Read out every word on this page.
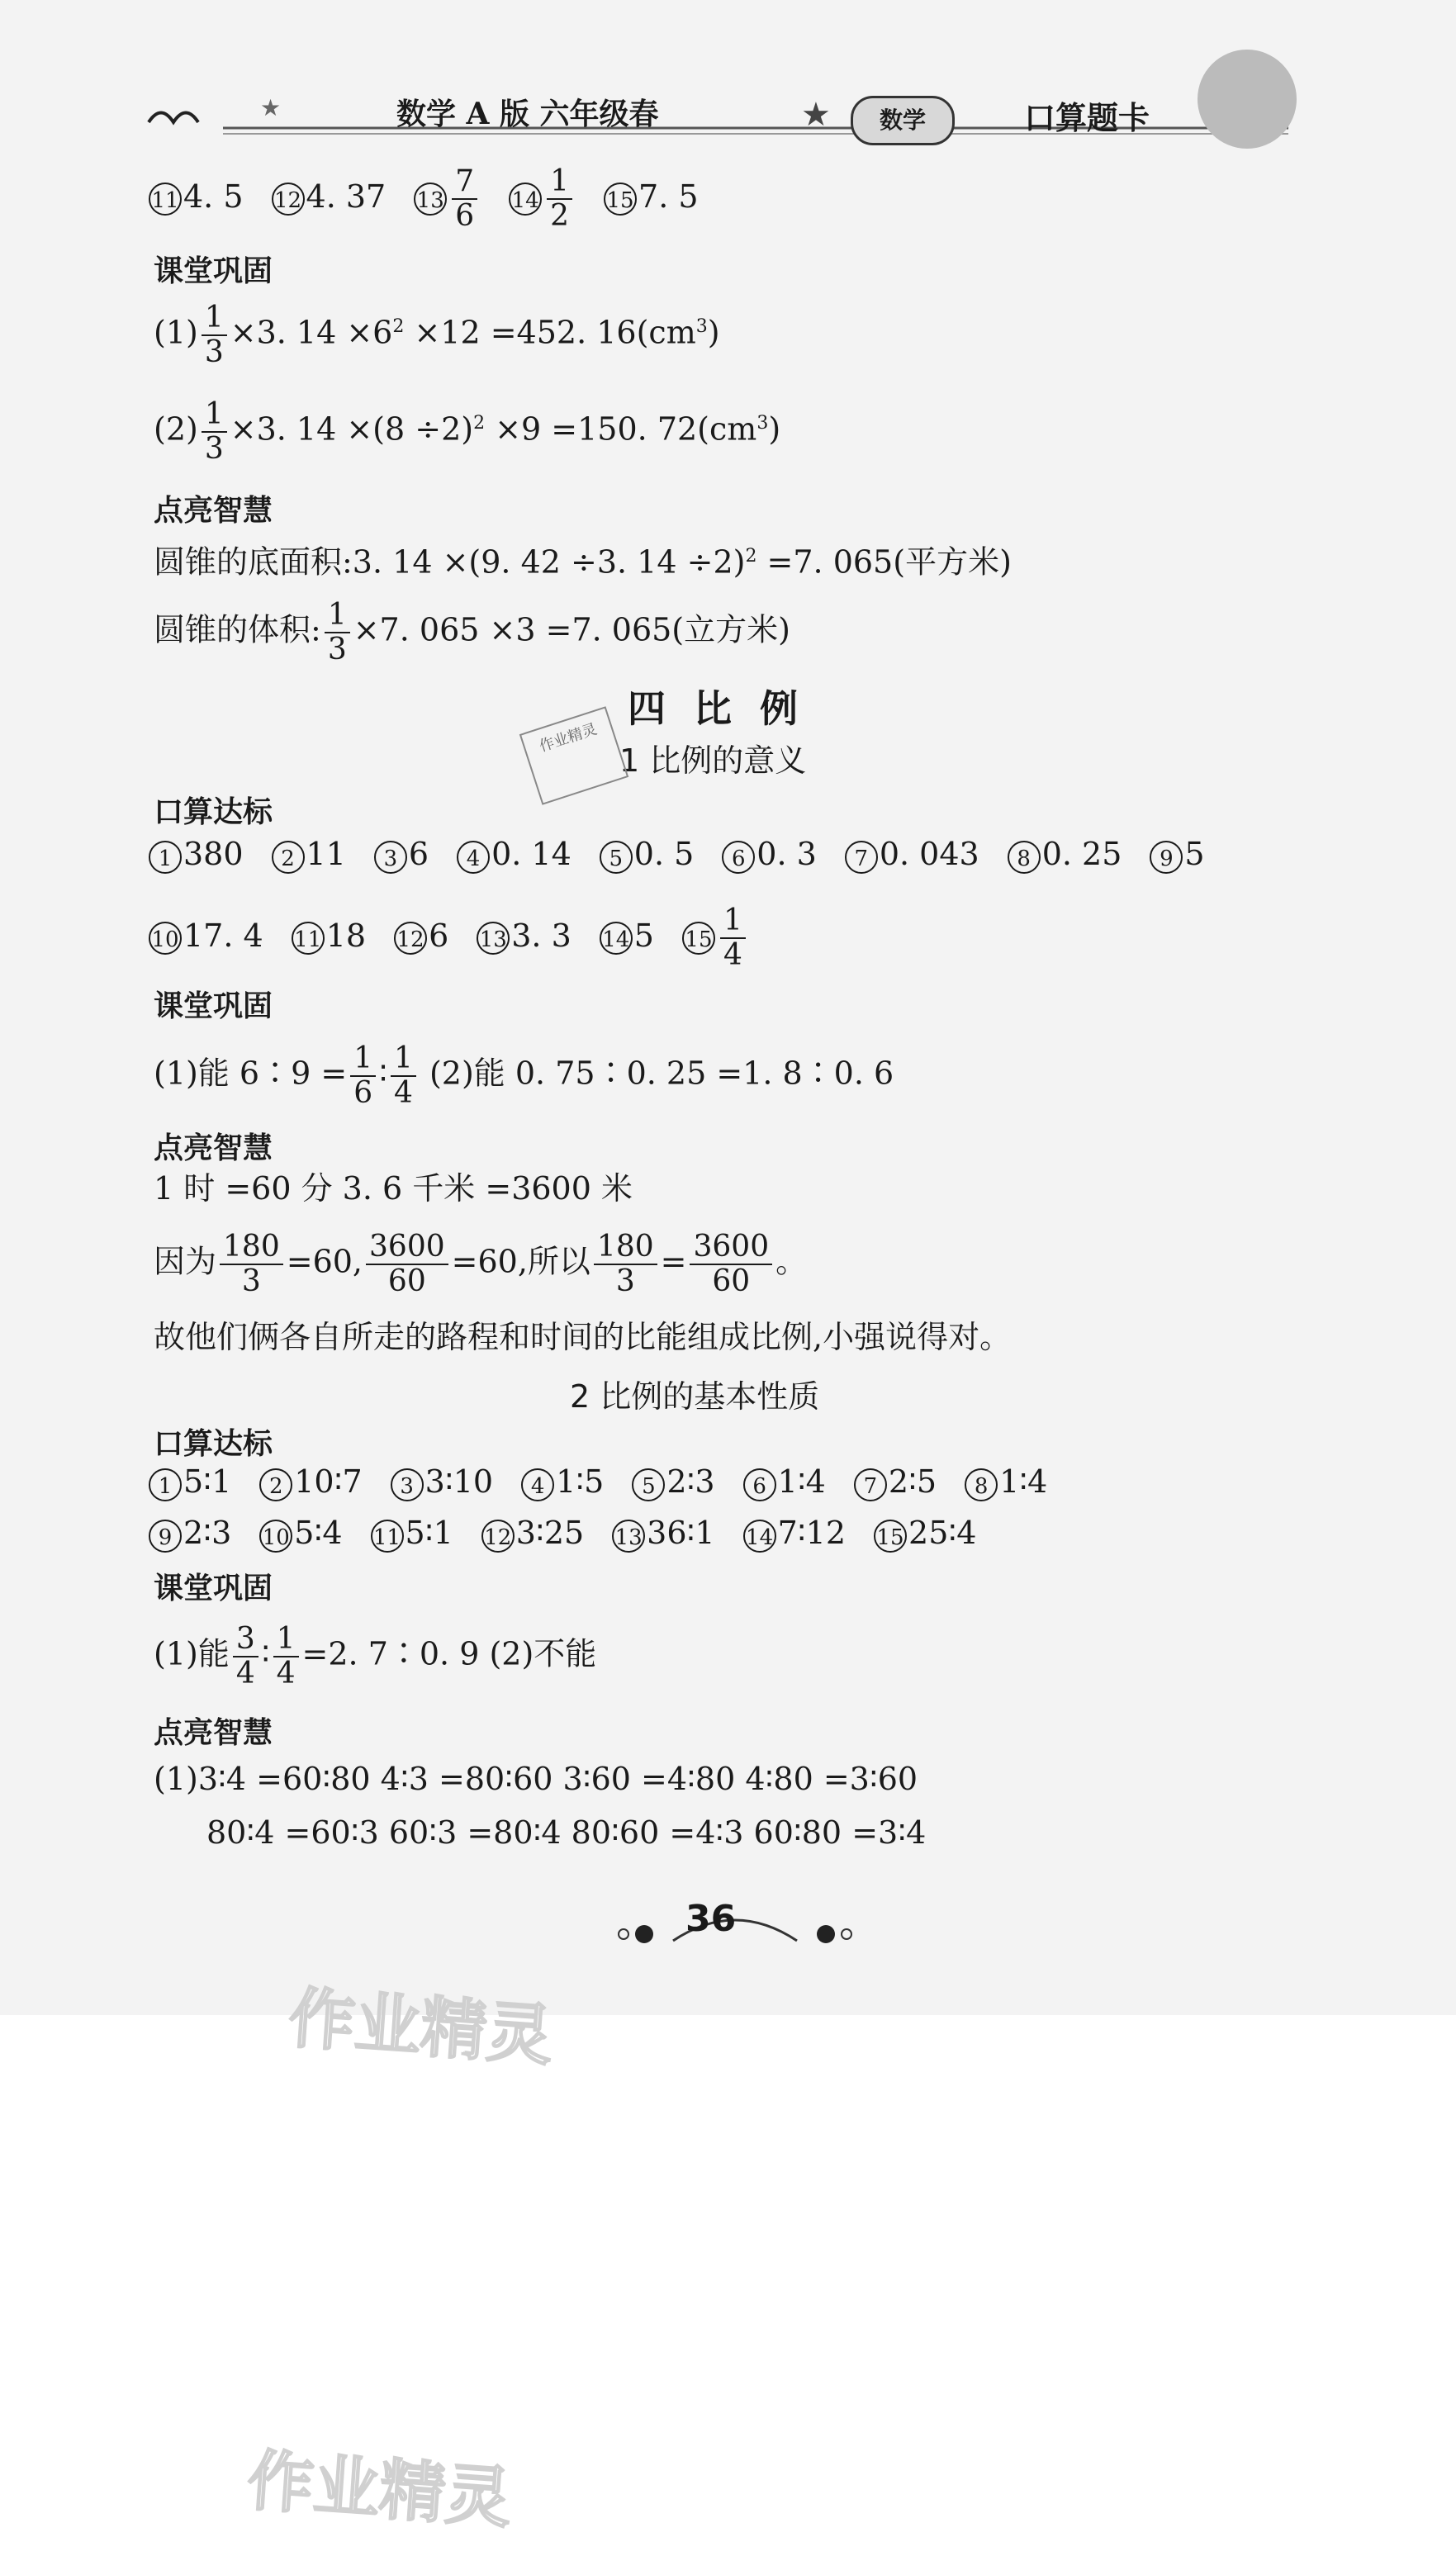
★	★
数学 A 版 六年级春	数学	口算题卡
11 4. 5 12 4. 37 $13 \frac{7}{6} 14 \frac{1}{2} 15$ 7. 5
课堂巩固
$(1) \frac{1}{3} \times 3$. $14 \times 6^2 \times 12 =452$. $16(cm^3)$
$(2) \frac{1}{3} \times 3$. $14 \times(8 \div 2)^2 \times 9 =150$. $72(cm^3)$
点亮智慧
圆锥的底面积:3. 14 ×(9. 42 ÷3. 14 ÷2)$^2$ =7. 065(平方米)
圆锥的体积: $\frac{1}{3} \times 7$. 065 ×3 =7. 065(立方米)
四比例
1 比例的意义
作业精灵
口算达标
1 380 2 11 3 6 4 0. 14 5 0. 5 6 0. 3 7 0. 043 8 0. 25 9 5
10 17. 4 11 18 12 6 13 3. 3 14 5 $15 \frac{1}{4}$
课堂巩固
(1)能 6∶9 = $\frac{1}{6}$ ∶ $\frac{1}{4} (2)$能 0. 75∶0. 25 =1. 8∶0. 6
点亮智慧
1 时 =60 分 3. 6 千米 =3600 米
因为 $\frac{180}{3} =60$, $\frac{3600}{60} =60$,所以 $\frac{180}{3} = \frac{3600}{60}$ 。
故他们俩各自所走的路程和时间的比能组成比例,小强说得对。
2 比例的基本性质
口算达标
1 5∶1 2 10∶7 3 3∶10 4 1∶5 5 2∶3 6 1∶4 7 2∶5 8 1∶4
9 2∶3 10 5∶4 11 5∶1 12 3∶25 13 36∶1 14 7∶12 15 25∶4
课堂巩固
(1)能 $\frac{3}{4}$ ∶ $\frac{1}{4} =2$. 7∶0. 9 (2)不能
点亮智慧
(1)3∶4 =60∶80 4∶3 =80∶60 3∶60 =4∶80 4∶80 =3∶60
80∶4 =60∶3 60∶3 =80∶4 80∶60 =4∶3 60∶80 =3∶4
36
作业精灵
作业精灵
